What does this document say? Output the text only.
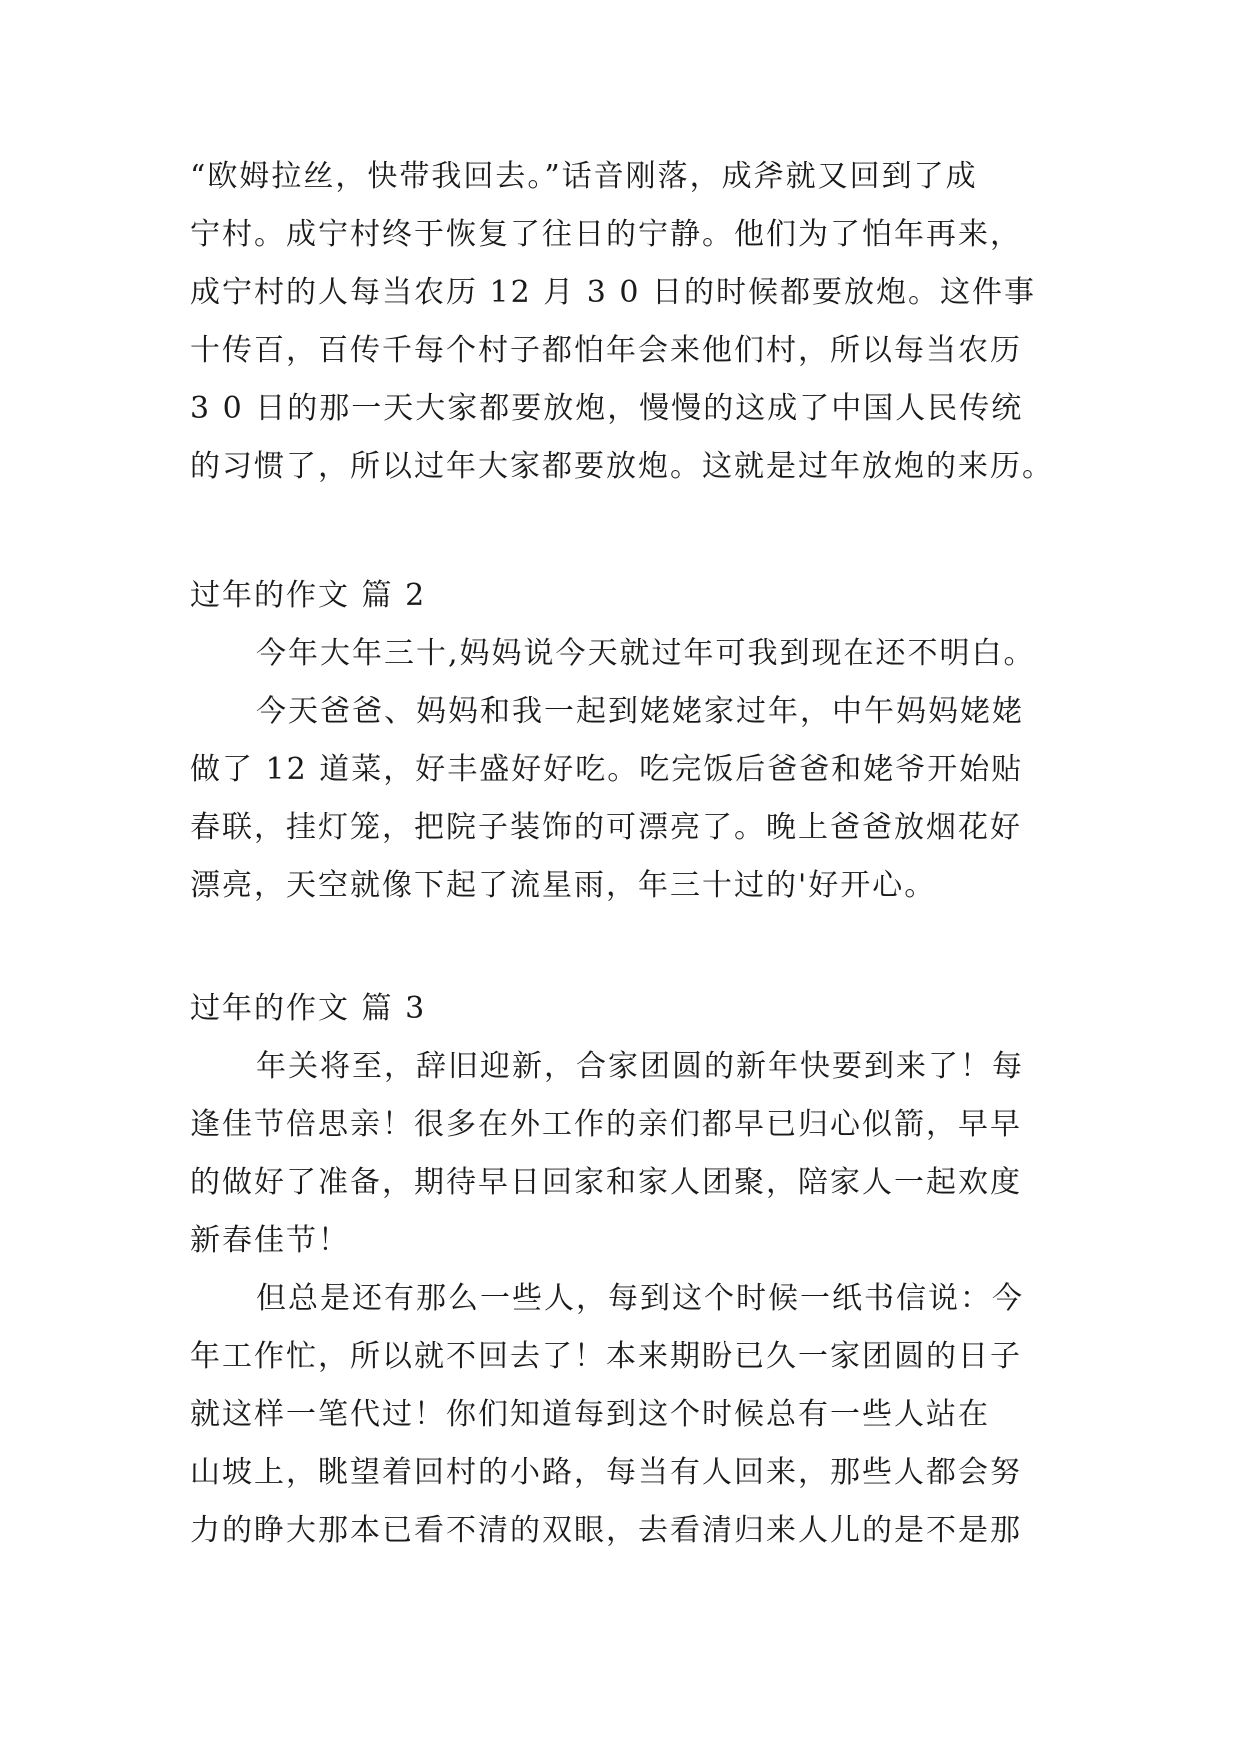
“欧姆拉丝，快带我回去。”话音刚落，成斧就又回到了成
宁村。成宁村终于恢复了往日的宁静。他们为了怕年再来，
成宁村的人每当农历 12 月 3 0 日的时候都要放炮。这件事
十传百，百传千每个村子都怕年会来他们村，所以每当农历
3 0 日的那一天大家都要放炮，慢慢的这成了中国人民传统
的习惯了，所以过年大家都要放炮。这就是过年放炮的来历。
过年的作文 篇 2
今年大年三十,妈妈说今天就过年可我到现在还不明白。
今天爸爸、妈妈和我一起到姥姥家过年，中午妈妈姥姥
做了 12 道菜，好丰盛好好吃。吃完饭后爸爸和姥爷开始贴
春联，挂灯笼，把院子装饰的可漂亮了。晚上爸爸放烟花好
漂亮，天空就像下起了流星雨，年三十过的'好开心。
过年的作文 篇 3
年关将至，辞旧迎新，合家团圆的新年快要到来了！每
逢佳节倍思亲！很多在外工作的亲们都早已归心似箭，早早
的做好了准备，期待早日回家和家人团聚，陪家人一起欢度
新春佳节！
但总是还有那么一些人，每到这个时候一纸书信说：今
年工作忙，所以就不回去了！本来期盼已久一家团圆的日子
就这样一笔代过！你们知道每到这个时候总有一些人站在
山坡上，眺望着回村的小路，每当有人回来，那些人都会努
力的睁大那本已看不清的双眼，去看清归来人儿的是不是那
